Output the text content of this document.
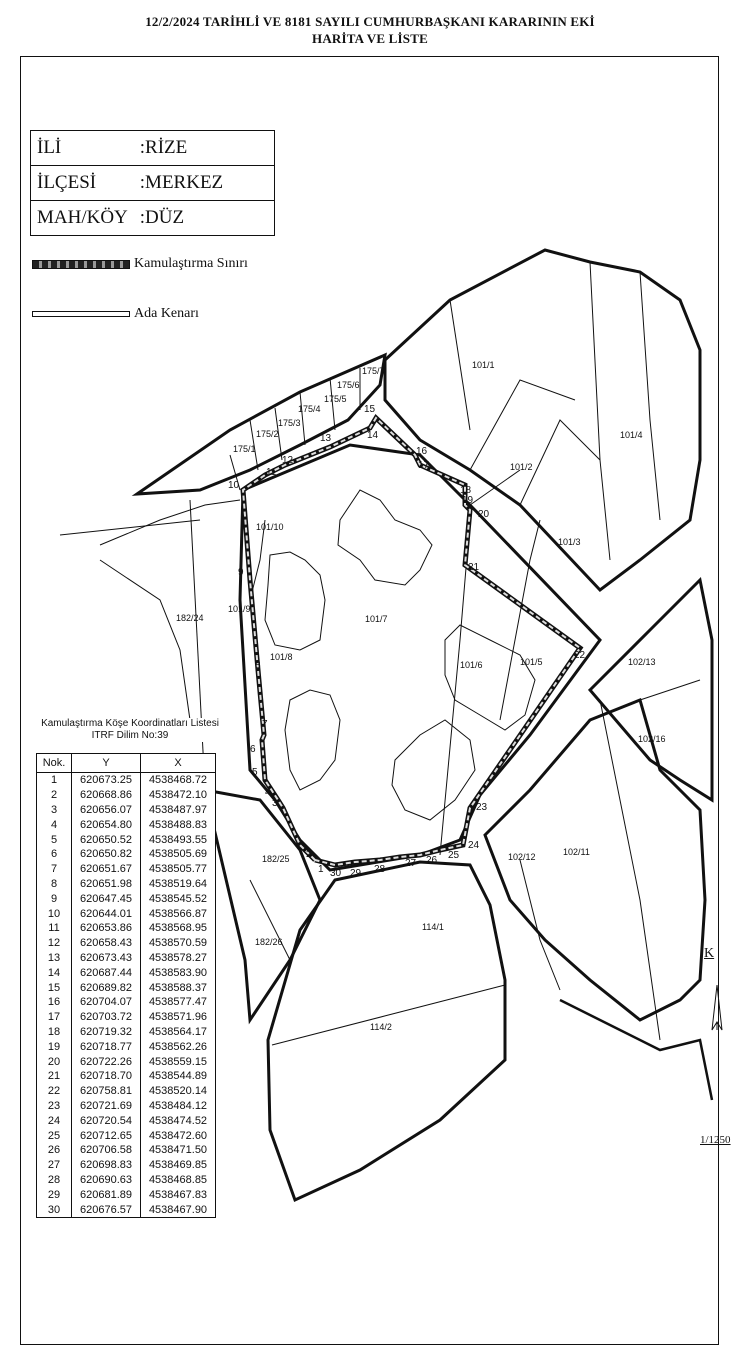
12/2/2024 TARİHLİ VE 8181 SAYILI CUMHURBAŞKANI KARARININ EKİ
HARİTA VE LİSTE
1
2
3
4
5
6
7
8
9
10
11
12
13	14
15
16
17
18
19
20
21
22
23
24
25
26
27
28
29
30
101/1
101/2
101/3
101/4
101/5
101/6
101/7
101/8
101/9
101/10
175/1
175/2
175/3
175/4
175/5
175/6
175/7
182/24
182/25
182/26
102/11
102/12
102/13
102/16
114/1
114/2
İLİ	:RİZE
İLÇESİ	:MERKEZ
MAH/KÖY	:DÜZ
Kamulaştırma Sınırı
Ada Kenarı
Kamulaştırma Köşe Koordinatları Listesi
ITRF Dilim No:39
Nok.	Y	X
1	620673.25	4538468.72
2	620668.86	4538472.10
3	620656.07	4538487.97
4	620654.80	4538488.83
5	620650.52	4538493.55
6	620650.82	4538505.69
7	620651.67	4538505.77
8	620651.98	4538519.64
9	620647.45	4538545.52
10	620644.01	4538566.87
11	620653.86	4538568.95
12	620658.43	4538570.59
13	620673.43	4538578.27
14	620687.44	4538583.90
15	620689.82	4538588.37
16	620704.07	4538577.47
17	620703.72	4538571.96
18	620719.32	4538564.17
19	620718.77	4538562.26
20	620722.26	4538559.15
21	620718.70	4538544.89
22	620758.81	4538520.14
23	620721.69	4538484.12
24	620720.54	4538474.52
25	620712.65	4538472.60
26	620706.58	4538471.50
27	620698.83	4538469.85
28	620690.63	4538468.85
29	620681.89	4538467.83
30	620676.57	4538467.90
K
1/1250
